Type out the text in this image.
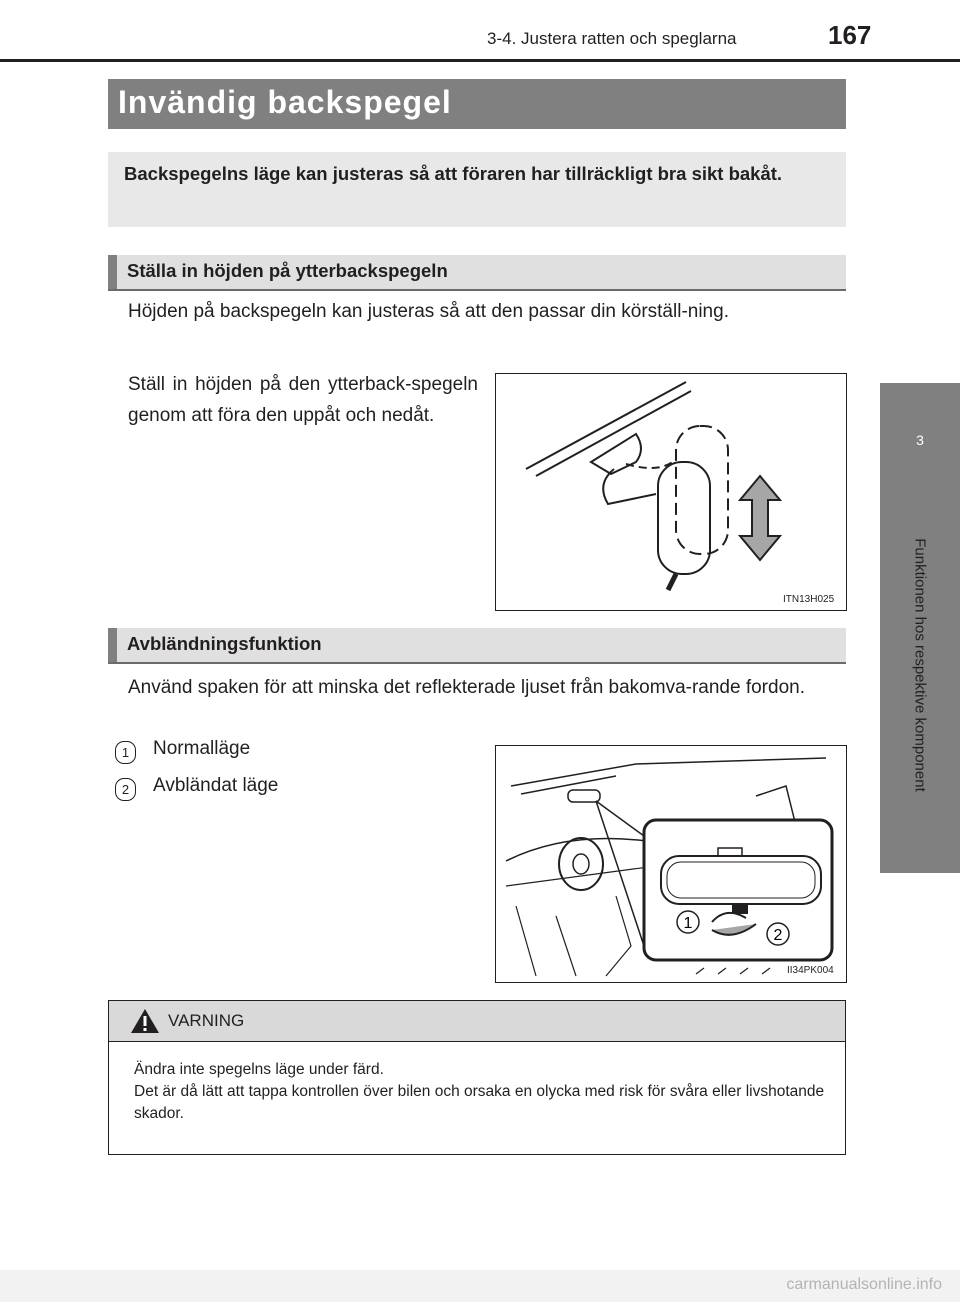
3-4. Justera ratten och speglarna	167
3
Funktionen hos respektive komponent
Invändig backspegel
Backspegelns läge kan justeras så att föraren har tillräckligt bra sikt bakåt.
Ställa in höjden på ytterbackspegeln
Höjden på backspegeln kan justeras så att den passar din körställ-ning.
Ställ in höjden på den ytterback-spegeln genom att föra den uppåt och nedåt.
ITN13H025
Avbländningsfunktion
Använd spaken för att minska det reflekterade ljuset från bakomva-rande fordon.
1	Normalläge
2	Avbländat läge
1
2
II34PK004
VARNING
Ändra inte spegelns läge under färd.
Det är då lätt att tappa kontrollen över bilen och orsaka en olycka med risk för svåra eller livshotande skador.
carmanualsonline.info
